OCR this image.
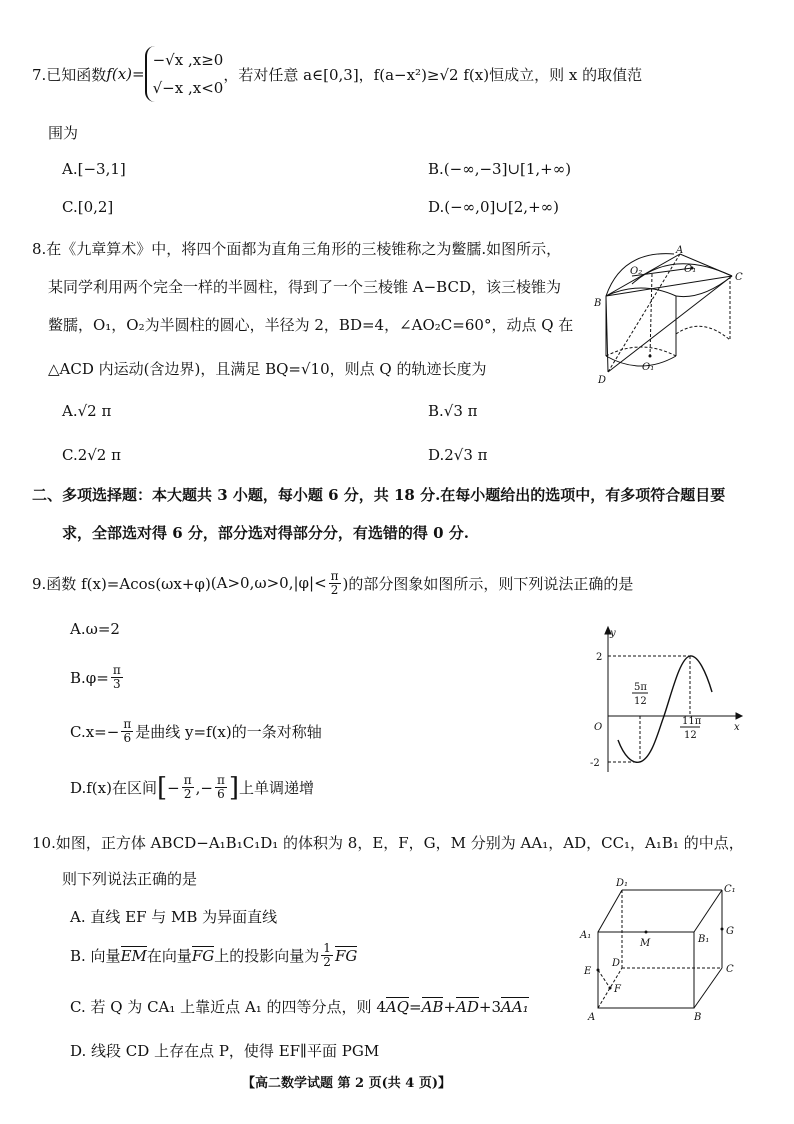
7.已知函数 f(x)=
−√x ,x≥0
√−x ,x<0
，若对任意 a∈[0,3]，f(a−x²)≥√2 f(x)恒成立，则 x 的取值范
围为
A.[−3,1]	B.(−∞,−3]∪[1,+∞)
C.[0,2]	D.(−∞,0]∪[2,+∞)
8.在《九章算术》中，将四个面都为直角三角形的三棱锥称之为鳖臑.如图所示，
某同学利用两个完全一样的半圆柱，得到了一个三棱锥 A−BCD，该三棱锥为
鳖臑，O₁，O₂为半圆柱的圆心，半径为 2，BD=4，∠AO₂C=60°，动点 Q 在
△ACD 内运动(含边界)，且满足 BQ=√10，则点 Q 的轨迹长度为
A.√2 π	B.√3 π
C.2√2 π	D.2√3 π
A
B
C
D
O₁
O₂
O₁
二、多项选择题：本大题共 3 小题，每小题 6 分，共 18 分.在每小题给出的选项中，有多项符合题目要
求，全部选对得 6 分，部分选对得部分分，有选错的得 0 分.
9.函数 f(x)=Acos(ωx+φ) ($A>0,\omega>0,|\varphi|< \frac{\pi}{2}$ )的部分图象如图所示，则下列说法正确的是
A.ω=2
$B.\varphi= \frac{\pi}{3}$
$C.x=- \frac{\pi}{6}$ 是曲线 y=f(x)的一条对称轴
D.f(x)在区间 [ − $\frac{\pi}{2}$ ,− $\frac{\pi}{6}$ ] 上单调递增
y
x
O
2
-2
5π
12
11π
12
10.如图，正方体 ABCD−A₁B₁C₁D₁ 的体积为 8，E，F，G，M 分别为 AA₁，AD，CC₁，A₁B₁ 的中点，
则下列说法正确的是
A. 直线 EF 与 MB 为异面直线
B. 向量 EM 在向量 FG 上的投影向量为 $\frac{1}{2}$ FG
C. 若 Q 为 CA₁ 上靠近点 A₁ 的四等分点，则 4 AQ = AB + AD +3 AA₁
D. 线段 CD 上存在点 P，使得 EF∥平面 PGM
A	B
C
D
A₁	B₁
C₁
D₁
E
F
G
M
【高二数学试题 第 2 页(共 4 页)】
